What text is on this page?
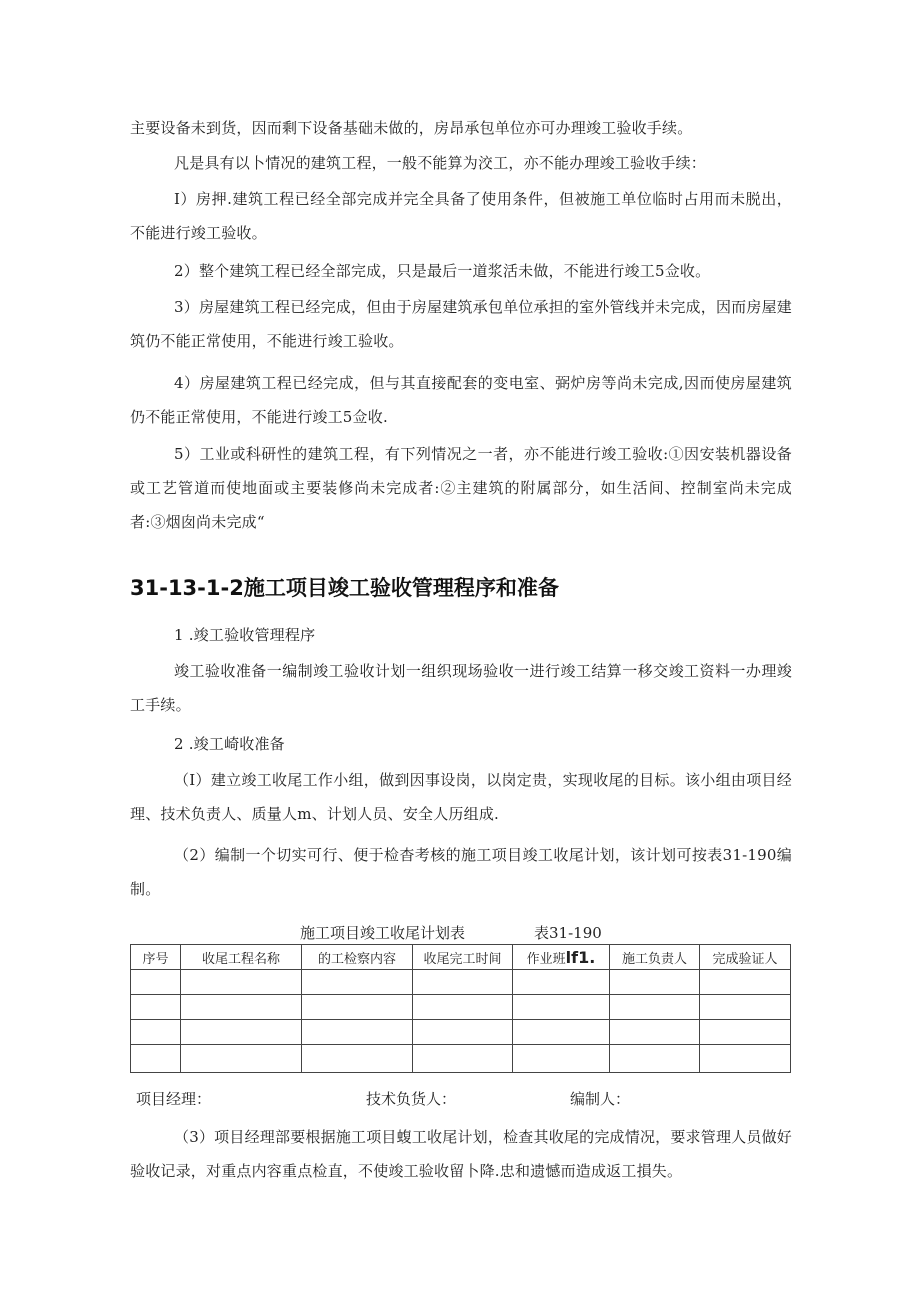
主要设备未到货，因而剩下设备基础未做的，房昂承包单位亦可办理竣工验收手续。

凡是具有以卜情况的建筑工程，一般不能算为洨工，亦不能办理竣工验收手续：

I）房押.建筑工程已经全部完成并完全具备了使用条件，但被施工单位临时占用而未脱出，不能进行竣工验收。

2）整个建筑工程已经全部完成，只是最后一道浆活未做，不能进行竣工5佥收。

3）房屋建筑工程已经完成，但由于房屋建筑承包单位承担的室外管线并未完成，因而房屋建筑仍不能正常使用，不能进行竣工验收。

4）房屋建筑工程已经完成，但与其直接配套的变电室、弼炉房等尚未完成,因而使房屋建筑仍不能正常使用，不能进行竣工5佥收.

5）工业或科研性的建筑工程，有下列情况之一者，亦不能进行竣工验收:①因安装机器设备或工艺管道而使地面或主要装修尚未完成者:②主建筑的附属部分，如生活间、控制室尚未完成者:③烟囱尚未完成“

31-13-1-2施工项目竣工验收管理程序和准备

1 .竣工验收管理程序

竣工验收准备一编制竣工验收计划一组织现场验收一进行竣工结算一移交竣工资料一办理竣工手续。

2 .竣工崎收准备

（I）建立竣工收尾工作小组，做到因事设岗，以岗定贵，实现收尾的目标。该小组由项目经理、技术负责人、质量人m、计划人员、安全人历组成.

（2）编制一个切实可行、便于检杳考核的施工项目竣工收尾计划，该计划可按表31-190编制。

施工项目竣工收尾计划表	表31-190
序号	收尾工程名称	的工检察内容	收尾完工时间	作业班lf1.	施工负责人	完成验证人

项目经理：	技术负货人：	编制人：

（3）项目经理部要根据施工项目蝮工收尾计划，检查其收尾的完成情况，要求管理人员做好验收记录，对重点内容重点检直，不使竣工验收留卜降.忠和遗憾而造成返工損失。
